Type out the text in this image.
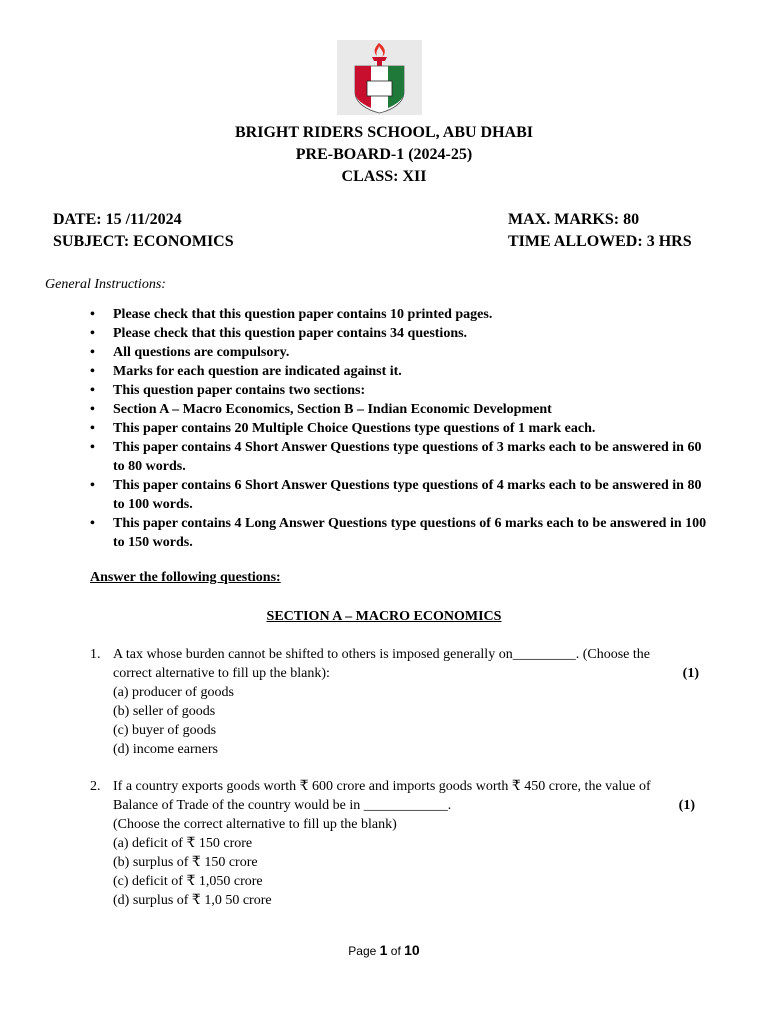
BRIGHT RIDERS SCHOOL, ABU DHABI
PRE-BOARD-1 (2024-25)
CLASS: XII
DATE: 15 /11/2024
SUBJECT: ECONOMICS
MAX. MARKS: 80
TIME ALLOWED: 3 HRS
General Instructions:
• Please check that this question paper contains 10 printed pages.
• Please check that this question paper contains 34 questions.
• All questions are compulsory.
• Marks for each question are indicated against it.
• This question paper contains two sections:
• Section A – Macro Economics, Section B – Indian Economic Development
• This paper contains 20 Multiple Choice Questions type questions of 1 mark each.
• This paper contains 4 Short Answer Questions type questions of 3 marks each to be answered in 60 to 80 words.
• This paper contains 6 Short Answer Questions type questions of 4 marks each to be answered in 80 to 100 words.
• This paper contains 4 Long Answer Questions type questions of 6 marks each to be answered in 100 to 150 words.
Answer the following questions:
SECTION A – MACRO ECONOMICS
1. A tax whose burden cannot be shifted to others is imposed generally on_________. (Choose the
correct alternative to fill up the blank):	(1)
(a) producer of goods
(b) seller of goods
(c) buyer of goods
(d) income earners
2. If a country exports goods worth ₹ 600 crore and imports goods worth ₹ 450 crore, the value of
Balance of Trade of the country would be in ____________.	(1)
(Choose the correct alternative to fill up the blank)
(a) deficit of ₹ 150 crore
(b) surplus of ₹ 150 crore
(c) deficit of ₹ 1,050 crore
(d) surplus of ₹ 1,0 50 crore
Page 1 of 10
